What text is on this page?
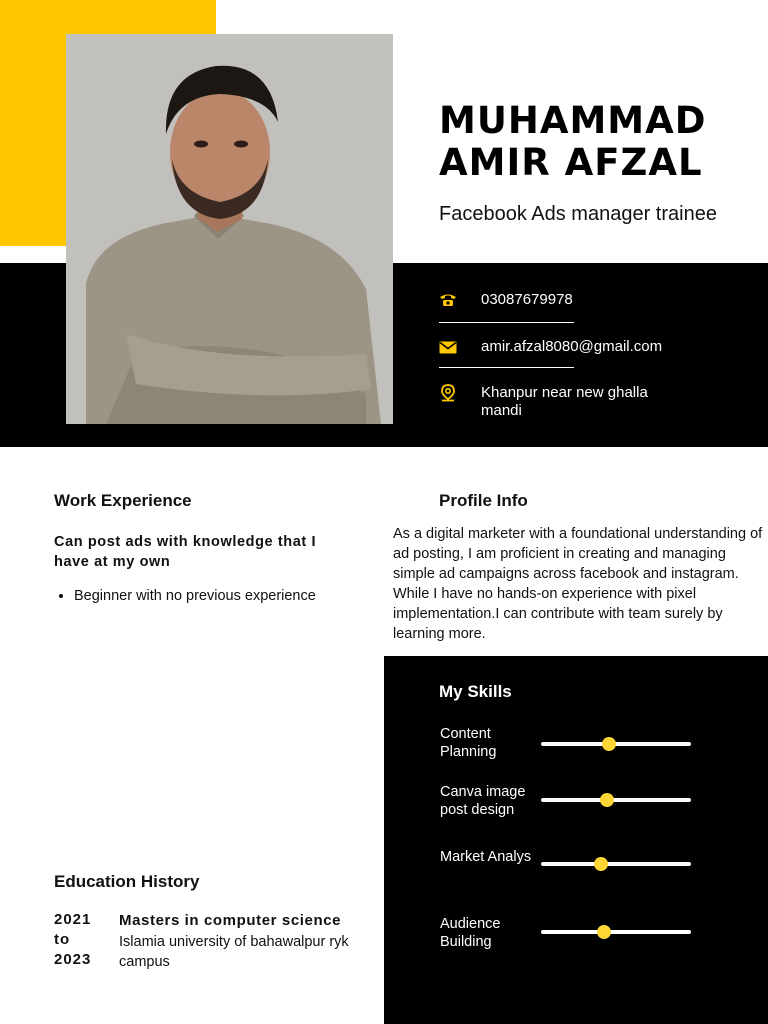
MUHAMMAD
AMIR AFZAL
Facebook Ads manager trainee
03087679978
amir.afzal8080@gmail.com
Khanpur near new ghalla mandi
Work Experience
Can post ads with knowledge that I have at my own
• Beginner with no previous experience
Profile Info
As a digital marketer with a foundational understanding of ad posting, I am proficient in creating and managing simple ad campaigns across facebook and instagram. While I have no hands-on experience with pixel implementation.I can contribute with team surely by learning more.
My Skills
Content Planning
Canva image post design
Market Analys
Audience Building
Education History
2021 to 2023
Masters in computer science
Islamia university of bahawalpur ryk campus
